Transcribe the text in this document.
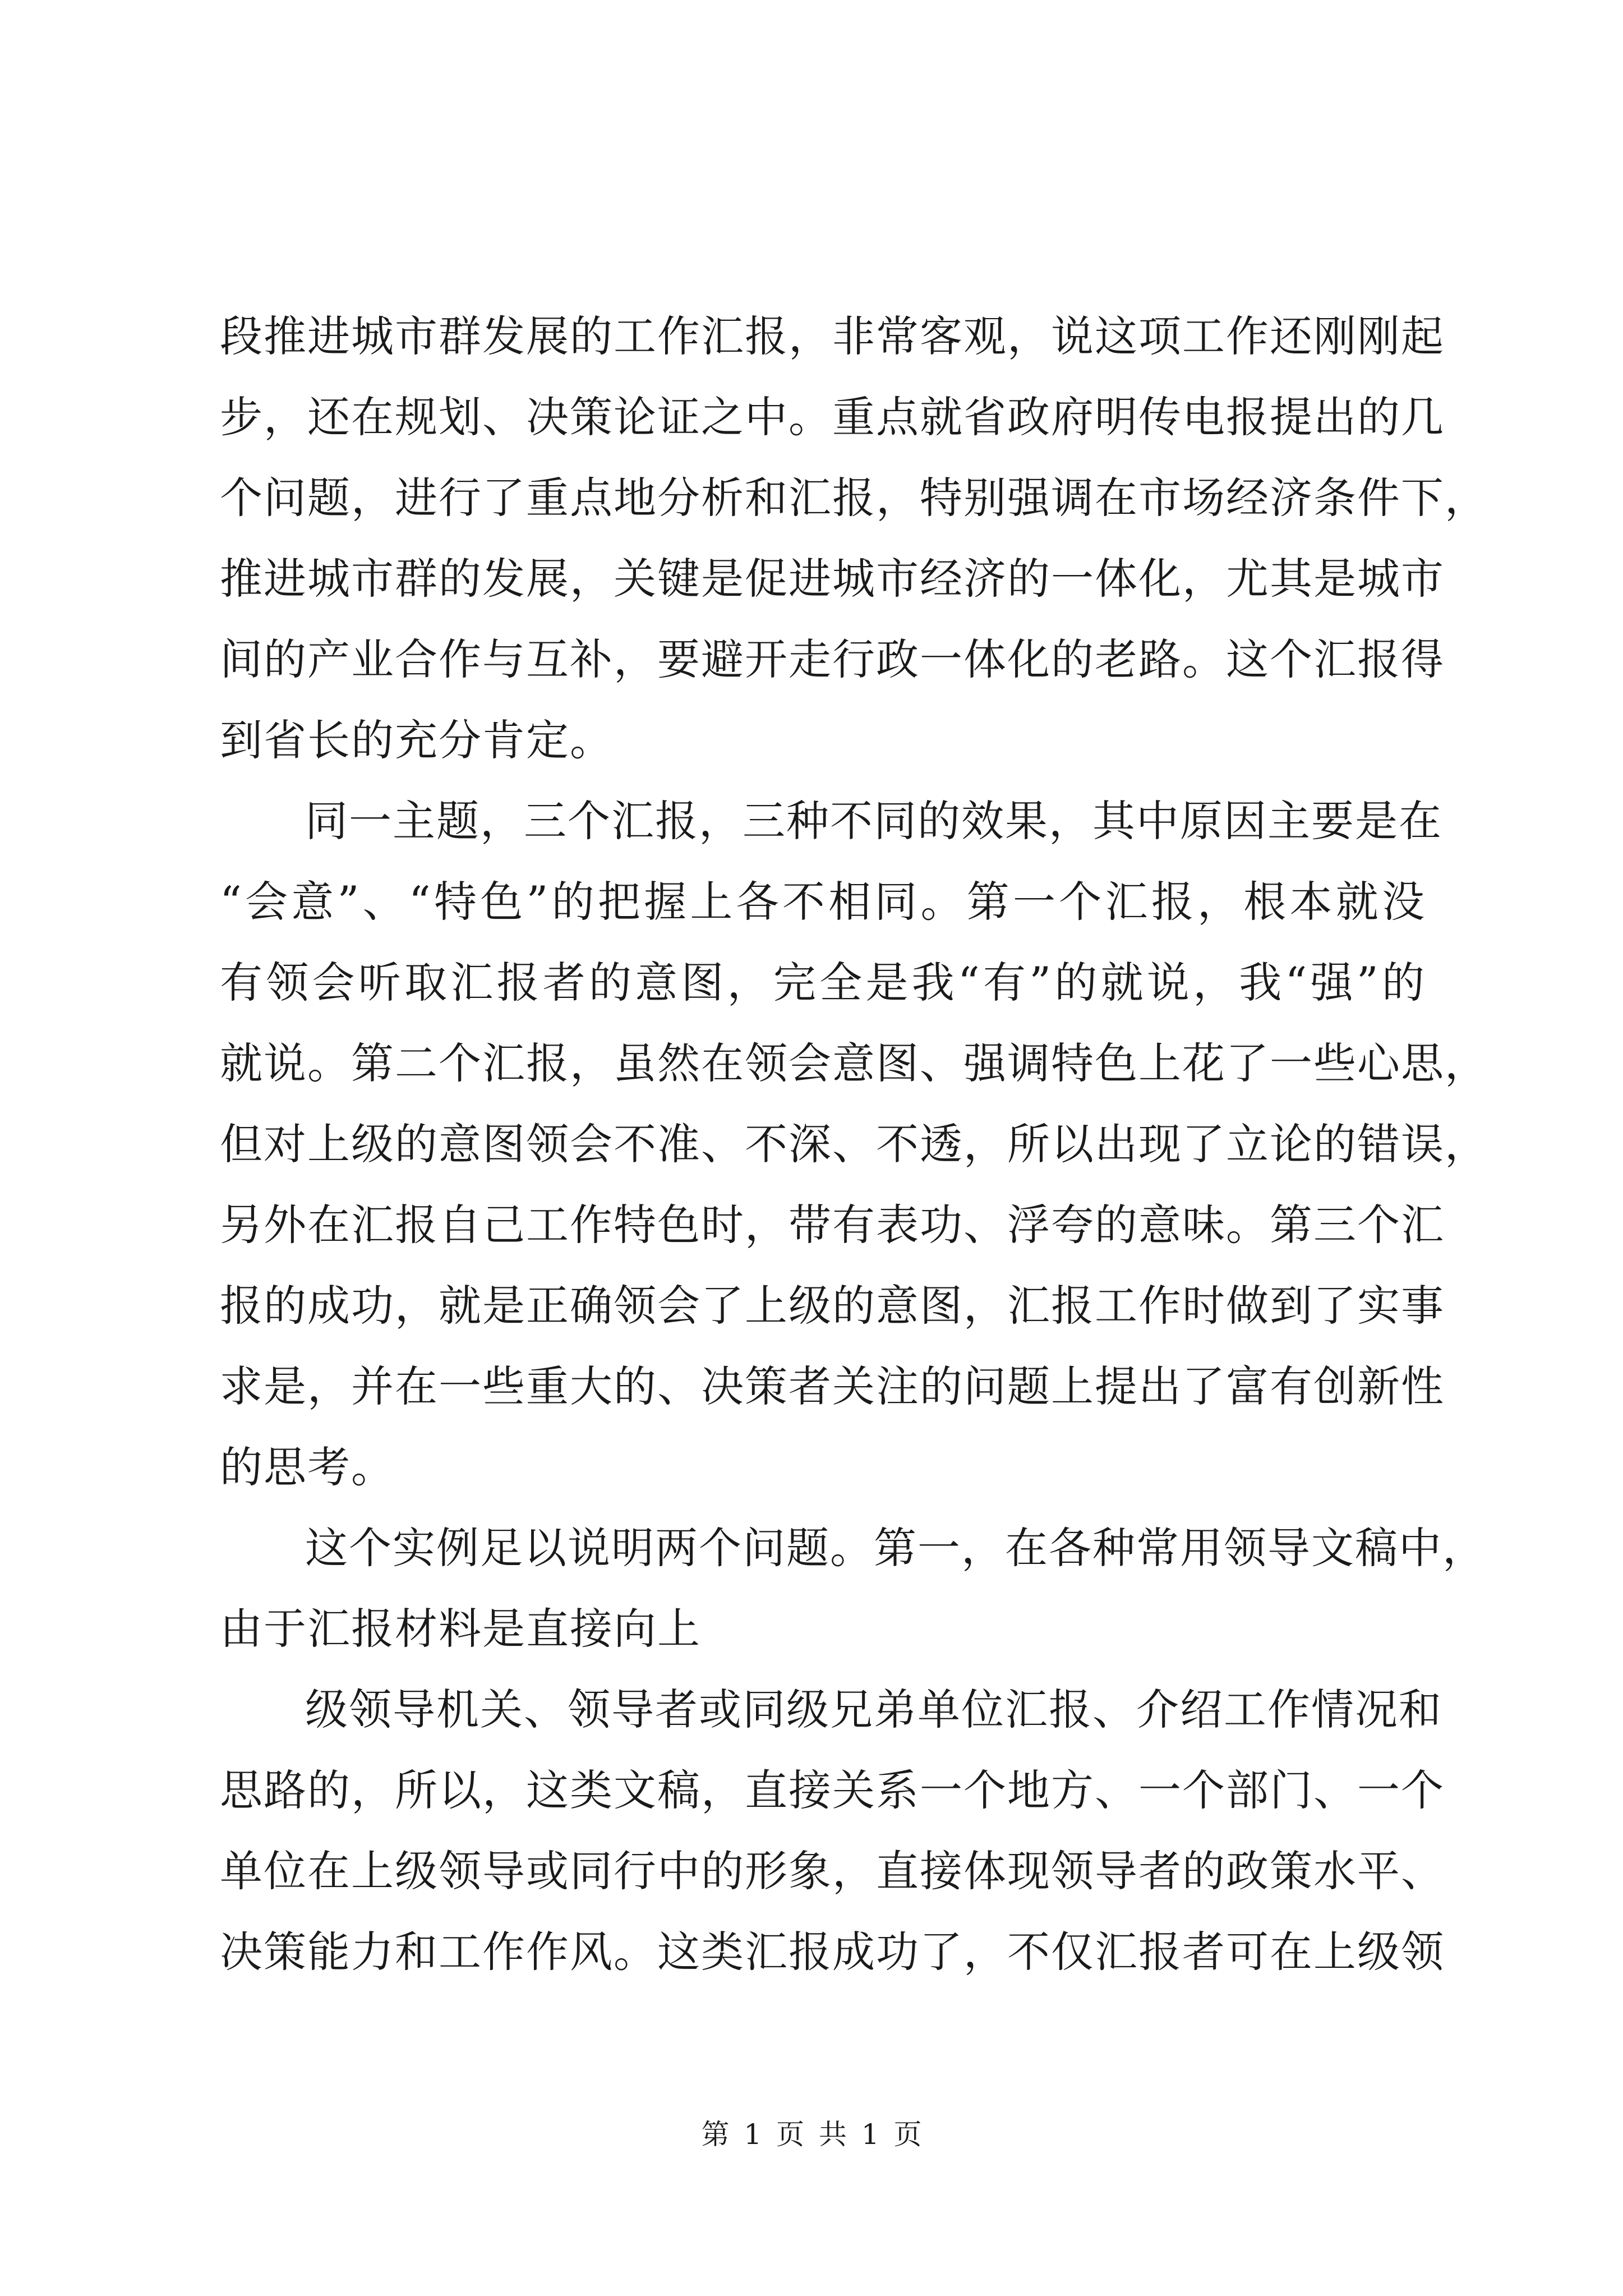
段推进城市群发展的工作汇报，非常客观，说这项工作还刚刚起
步，还在规划、决策论证之中。重点就省政府明传电报提出的几
个问题，进行了重点地分析和汇报，特别强调在市场经济条件下，
推进城市群的发展，关键是促进城市经济的一体化，尤其是城市
间的产业合作与互补，要避开走行政一体化的老路。这个汇报得
到省长的充分肯定。
同一主题，三个汇报，三种不同的效果，其中原因主要是在
“会意”、“特色”的把握上各不相同。第一个汇报，根本就没
有领会听取汇报者的意图，完全是我“有”的就说，我“强”的
就说。第二个汇报，虽然在领会意图、强调特色上花了一些心思，
但对上级的意图领会不准、不深、不透，所以出现了立论的错误，
另外在汇报自己工作特色时，带有表功、浮夸的意味。第三个汇
报的成功，就是正确领会了上级的意图，汇报工作时做到了实事
求是，并在一些重大的、决策者关注的问题上提出了富有创新性
的思考。
这个实例足以说明两个问题。第一，在各种常用领导文稿中，
由于汇报材料是直接向上
级领导机关、领导者或同级兄弟单位汇报、介绍工作情况和
思路的，所以，这类文稿，直接关系一个地方、一个部门、一个
单位在上级领导或同行中的形象，直接体现领导者的政策水平、
决策能力和工作作风。这类汇报成功了，不仅汇报者可在上级领
第 1 页 共 1 页
